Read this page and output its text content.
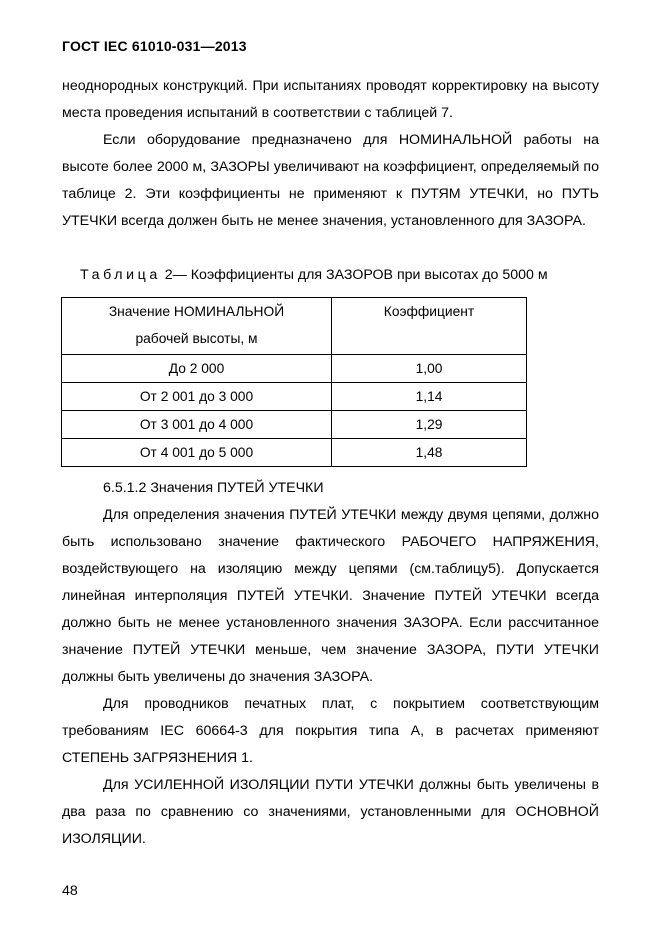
ГОСТ IEC 61010-031—2013

неоднородных конструкций. При испытаниях проводят корректировку на высоту места проведения испытаний в соответствии с таблицей 7.

Если оборудование предназначено для НОМИНАЛЬНОЙ работы на высоте более 2000 м, ЗАЗОРЫ увеличивают на коэффициент, определяемый по таблице 2. Эти коэффициенты не применяют к ПУТЯМ УТЕЧКИ, но ПУТЬ УТЕЧКИ всегда должен быть не менее значения, установленного для ЗАЗОРА.

Таблица 2— Коэффициенты для ЗАЗОРОВ при высотах до 5000 м
Значение НОМИНАЛЬНОЙ
рабочей высоты, м	Коэффициент
До 2 000	1,00
От 2 001 до 3 000	1,14
От 3 001 до 4 000	1,29
От 4 001 до 5 000	1,48

6.5.1.2 Значения ПУТЕЙ УТЕЧКИ

Для определения значения ПУТЕЙ УТЕЧКИ между двумя цепями, должно быть использовано значение фактического РАБОЧЕГО НАПРЯЖЕНИЯ, воздействующего на изоляцию между цепями (см.таблицу5). Допускается линейная интерполяция ПУТЕЙ УТЕЧКИ. Значение ПУТЕЙ УТЕЧКИ всегда должно быть не менее установленного значения ЗАЗОРА. Если рассчитанное значение ПУТЕЙ УТЕЧКИ меньше, чем значение ЗАЗОРА, ПУТИ УТЕЧКИ должны быть увеличены до значения ЗАЗОРА.

Для проводников печатных плат, с покрытием соответствующим требованиям IEC 60664-3 для покрытия типа А, в расчетах применяют СТЕПЕНЬ ЗАГРЯЗНЕНИЯ 1.

Для УСИЛЕННОЙ ИЗОЛЯЦИИ ПУТИ УТЕЧКИ должны быть увеличены в два раза по сравнению со значениями, установленными для ОСНОВНОЙ ИЗОЛЯЦИИ.

48
